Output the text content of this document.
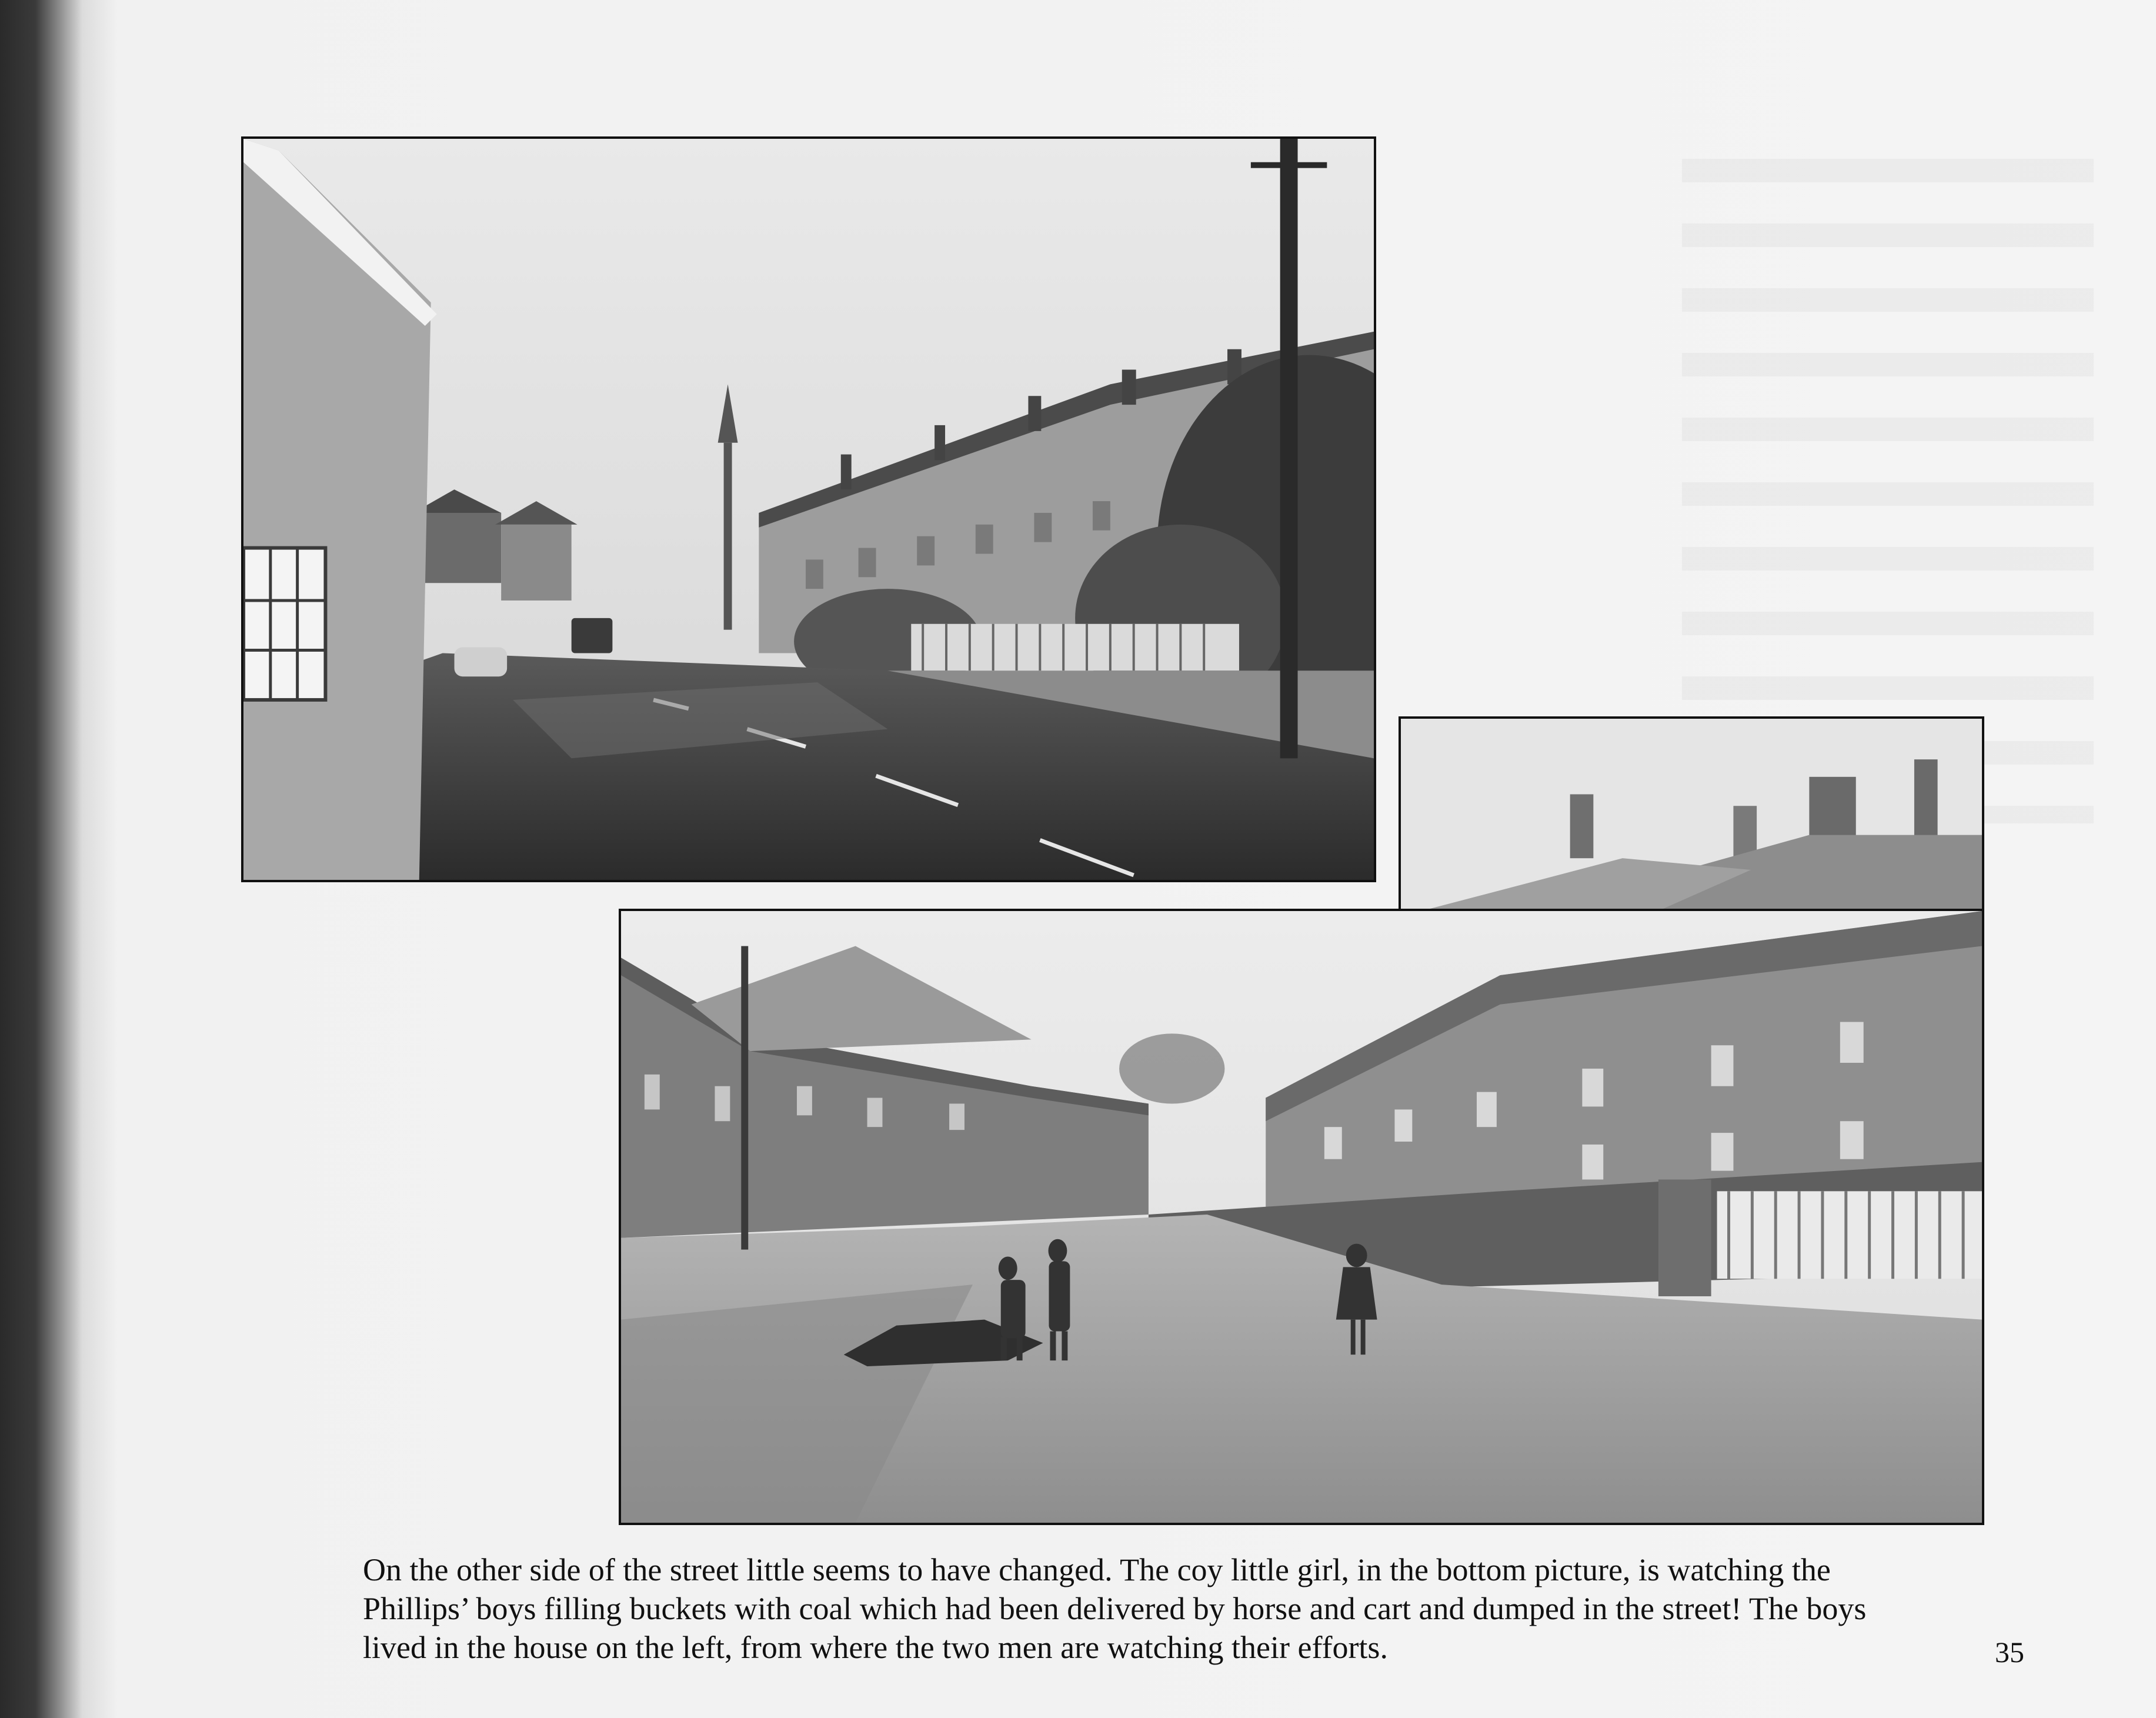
On the other side of the street little seems to have changed. The coy little girl, in the bottom picture, is watching the
Phillips’ boys filling buckets with coal which had been delivered by horse and cart and dumped in the street! The boys
lived in the house on the left, from where the two men are watching their efforts.	35
